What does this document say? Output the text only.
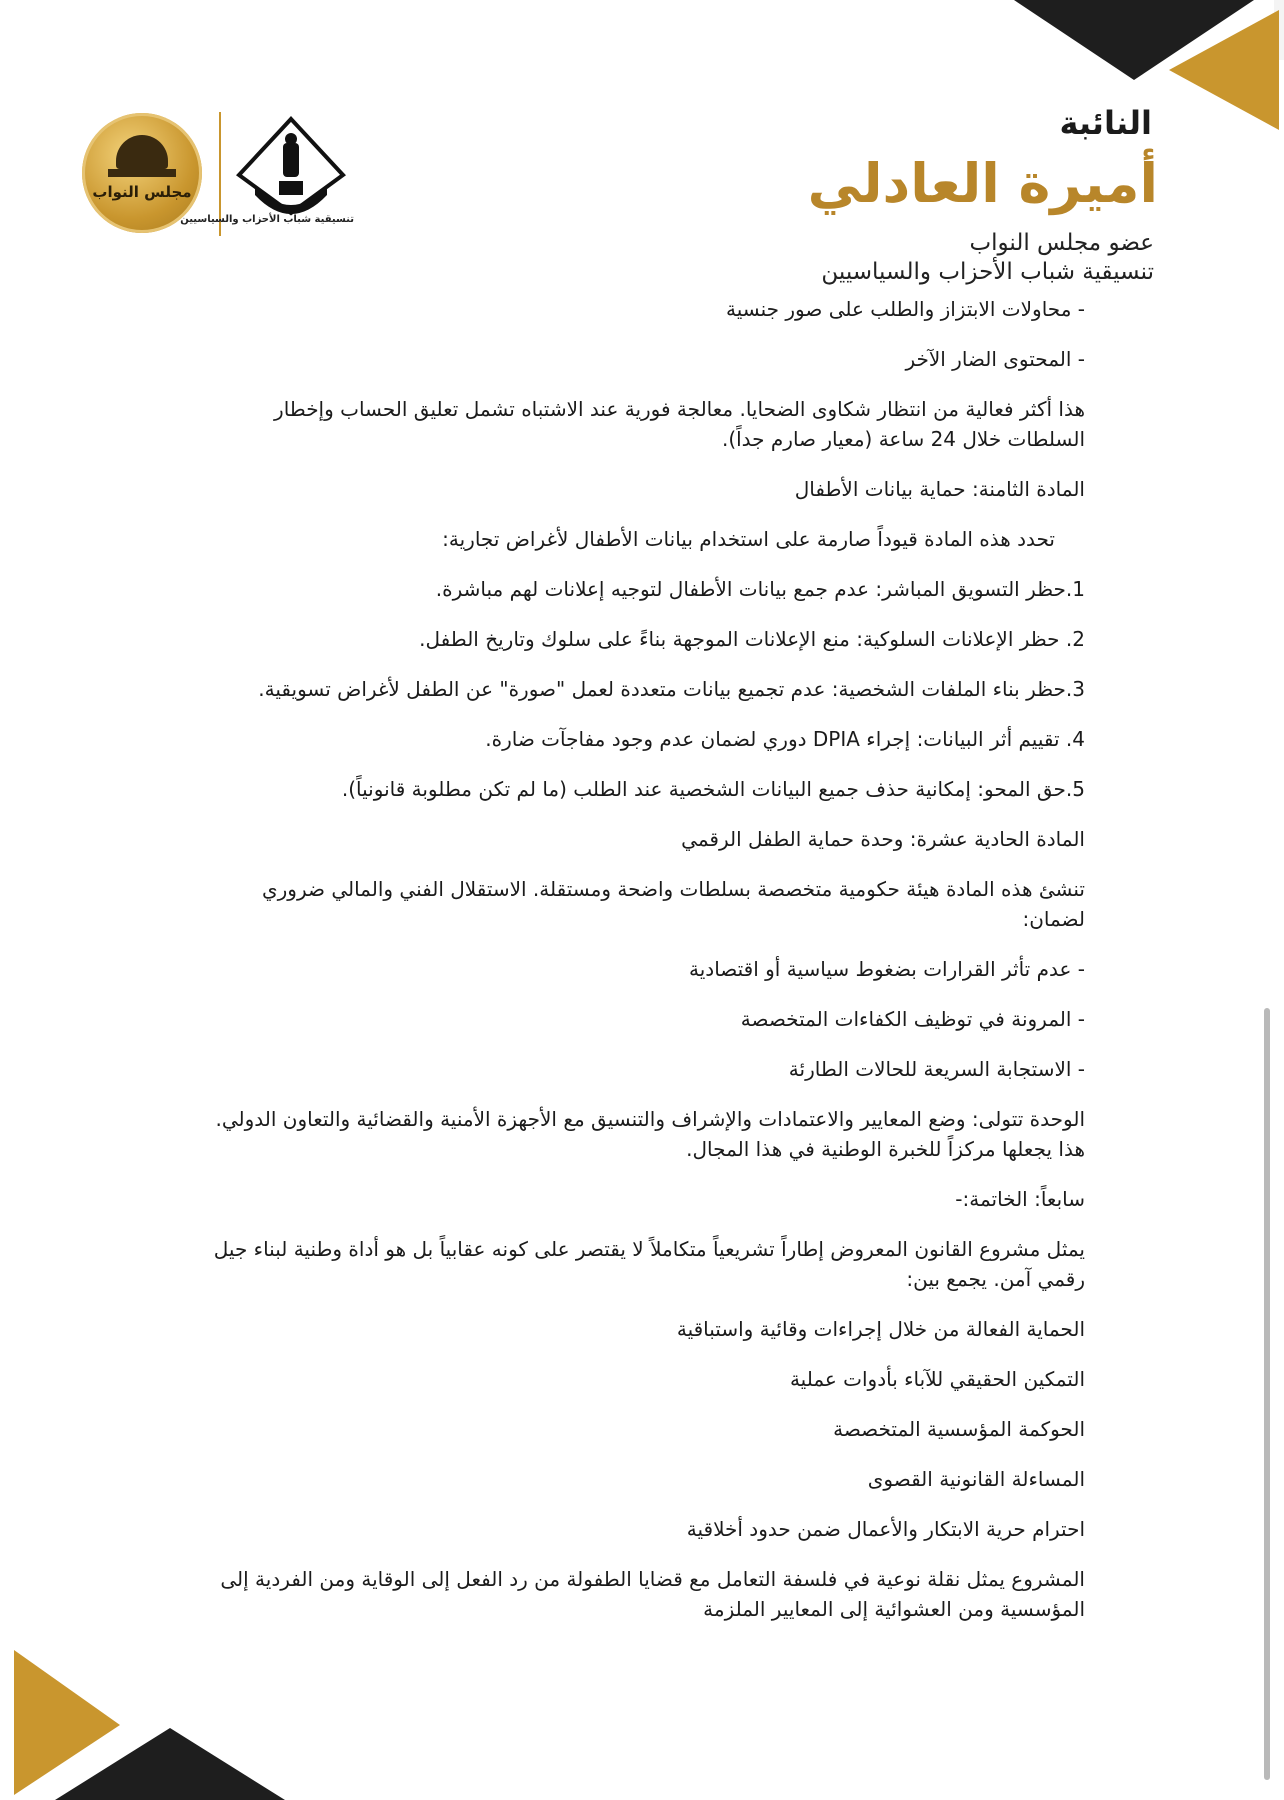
مجلس النواب
تنسيقية شباب الأحزاب والسياسيين
النائبة
أميرة العادلي
عضو مجلس النواب
تنسيقية شباب الأحزاب والسياسيين

- محاولات الابتزاز والطلب على صور جنسية

- المحتوى الضار الآخر

هذا أكثر فعالية من انتظار شكاوى الضحايا. معالجة فورية عند الاشتباه تشمل تعليق الحساب وإخطار السلطات خلال 24 ساعة (معيار صارم جداً).

المادة الثامنة: حماية بيانات الأطفال

تحدد هذه المادة قيوداً صارمة على استخدام بيانات الأطفال لأغراض تجارية:

1.حظر التسويق المباشر: عدم جمع بيانات الأطفال لتوجيه إعلانات لهم مباشرة.

2. حظر الإعلانات السلوكية: منع الإعلانات الموجهة بناءً على سلوك وتاريخ الطفل.

3.حظر بناء الملفات الشخصية: عدم تجميع بيانات متعددة لعمل "صورة" عن الطفل لأغراض تسويقية.

4. تقييم أثر البيانات: إجراء DPIA دوري لضمان عدم وجود مفاجآت ضارة.

5.حق المحو: إمكانية حذف جميع البيانات الشخصية عند الطلب (ما لم تكن مطلوبة قانونياً).

المادة الحادية عشرة: وحدة حماية الطفل الرقمي

تنشئ هذه المادة هيئة حكومية متخصصة بسلطات واضحة ومستقلة. الاستقلال الفني والمالي ضروري لضمان:

- عدم تأثر القرارات بضغوط سياسية أو اقتصادية

- المرونة في توظيف الكفاءات المتخصصة

- الاستجابة السريعة للحالات الطارئة

الوحدة تتولى: وضع المعايير والاعتمادات والإشراف والتنسيق مع الأجهزة الأمنية والقضائية والتعاون الدولي. هذا يجعلها مركزاً للخبرة الوطنية في هذا المجال.

سابعاً: الخاتمة:-

يمثل مشروع القانون المعروض إطاراً تشريعياً متكاملاً لا يقتصر على كونه عقابياً بل هو أداة وطنية لبناء جيل رقمي آمن. يجمع بين:

الحماية الفعالة من خلال إجراءات وقائية واستباقية

التمكين الحقيقي للآباء بأدوات عملية

الحوكمة المؤسسية المتخصصة

المساءلة القانونية القصوى

احترام حرية الابتكار والأعمال ضمن حدود أخلاقية

المشروع يمثل نقلة نوعية في فلسفة التعامل مع قضايا الطفولة من رد الفعل إلى الوقاية ومن الفردية إلى المؤسسية ومن العشوائية إلى المعايير الملزمة
